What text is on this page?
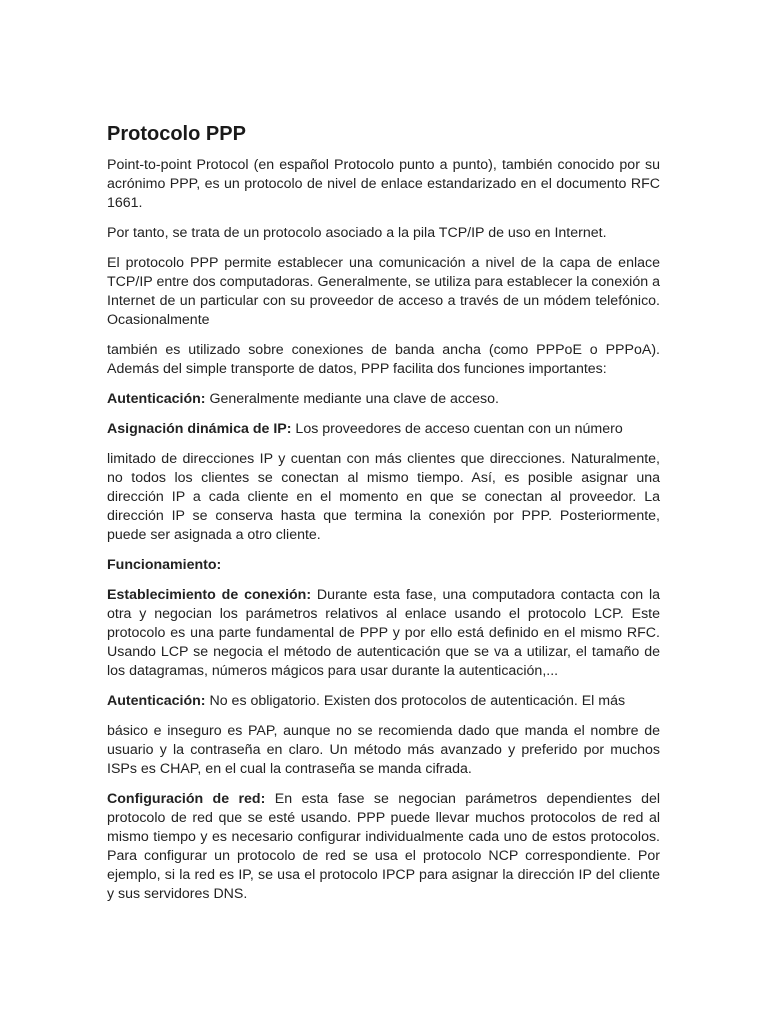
Protocolo PPP

Point-to-point Protocol (en español Protocolo punto a punto), también conocido por su acrónimo PPP, es un protocolo de nivel de enlace estandarizado en el documento RFC 1661.

Por tanto, se trata de un protocolo asociado a la pila TCP/IP de uso en Internet.

El protocolo PPP permite establecer una comunicación a nivel de la capa de enlace TCP/IP entre dos computadoras. Generalmente, se utiliza para establecer la conexión a Internet de un particular con su proveedor de acceso a través de un módem telefónico. Ocasionalmente

también es utilizado sobre conexiones de banda ancha (como PPPoE o PPPoA). Además del simple transporte de datos, PPP facilita dos funciones importantes:

Autenticación: Generalmente mediante una clave de acceso.

Asignación dinámica de IP: Los proveedores de acceso cuentan con un número

limitado de direcciones IP y cuentan con más clientes que direcciones. Naturalmente, no todos los clientes se conectan al mismo tiempo. Así, es posible asignar una dirección IP a cada cliente en el momento en que se conectan al proveedor. La dirección IP se conserva hasta que termina la conexión por PPP. Posteriormente, puede ser asignada a otro cliente.

Funcionamiento:

Establecimiento de conexión: Durante esta fase, una computadora contacta con la otra y negocian los parámetros relativos al enlace usando el protocolo LCP. Este protocolo es una parte fundamental de PPP y por ello está definido en el mismo RFC. Usando LCP se negocia el método de autenticación que se va a utilizar, el tamaño de los datagramas, números mágicos para usar durante la autenticación,...

Autenticación: No es obligatorio. Existen dos protocolos de autenticación. El más

básico e inseguro es PAP, aunque no se recomienda dado que manda el nombre de usuario y la contraseña en claro. Un método más avanzado y preferido por muchos ISPs es CHAP, en el cual la contraseña se manda cifrada.

Configuración de red: En esta fase se negocian parámetros dependientes del protocolo de red que se esté usando. PPP puede llevar muchos protocolos de red al mismo tiempo y es necesario configurar individualmente cada uno de estos protocolos. Para configurar un protocolo de red se usa el protocolo NCP correspondiente. Por ejemplo, si la red es IP, se usa el protocolo IPCP para asignar la dirección IP del cliente y sus servidores DNS.
